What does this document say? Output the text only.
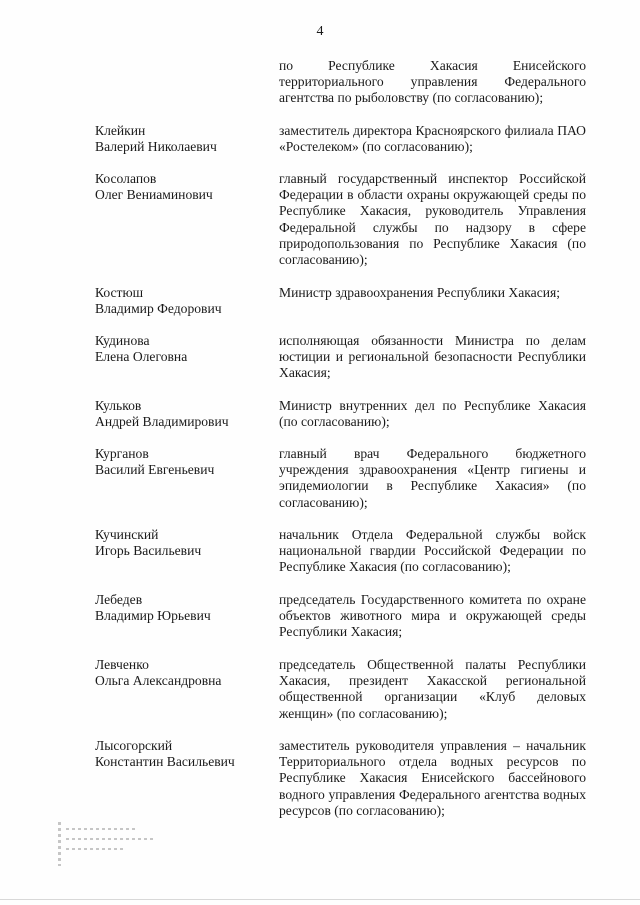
4
по Республике Хакасия Енисейского территориального управления Федерального агентства по рыболовству (по согласованию);
Клейкин
Валерий Николаевич
заместитель директора Красноярского филиала ПАО «Ростелеком» (по согласованию);
Косолапов
Олег Вениаминович
главный государственный инспектор Российской Федерации в области охраны окружающей среды по Республике Хакасия, руководитель Управления Федеральной службы по надзору в сфере природопользования по Республике Хакасия (по согласованию);
Костюш
Владимир Федорович
Министр здравоохранения Республики Хакасия;
Кудинова
Елена Олеговна
исполняющая обязанности Министра по делам юстиции и региональной безопасности Республики Хакасия;
Кульков
Андрей Владимирович
Министр внутренних дел по Республике Хакасия (по согласованию);
Курганов
Василий Евгеньевич
главный врач Федерального бюджетного учреждения здравоохранения «Центр гигиены и эпидемиологии в Республике Хакасия» (по согласованию);
Кучинский
Игорь Васильевич
начальник Отдела Федеральной службы войск национальной гвардии Российской Федерации по Республике Хакасия (по согласованию);
Лебедев
Владимир Юрьевич
председатель Государственного комитета по охране объектов животного мира и окружающей среды Республики Хакасия;
Левченко
Ольга Александровна
председатель Общественной палаты Республики Хакасия, президент Хакасской региональной общественной организации «Клуб деловых женщин» (по согласованию);
Лысогорский
Константин Васильевич
заместитель руководителя управления – начальник Территориального отдела водных ресурсов по Республике Хакасия Енисейского бассейнового водного управления Федерального агентства водных ресурсов (по согласованию);
